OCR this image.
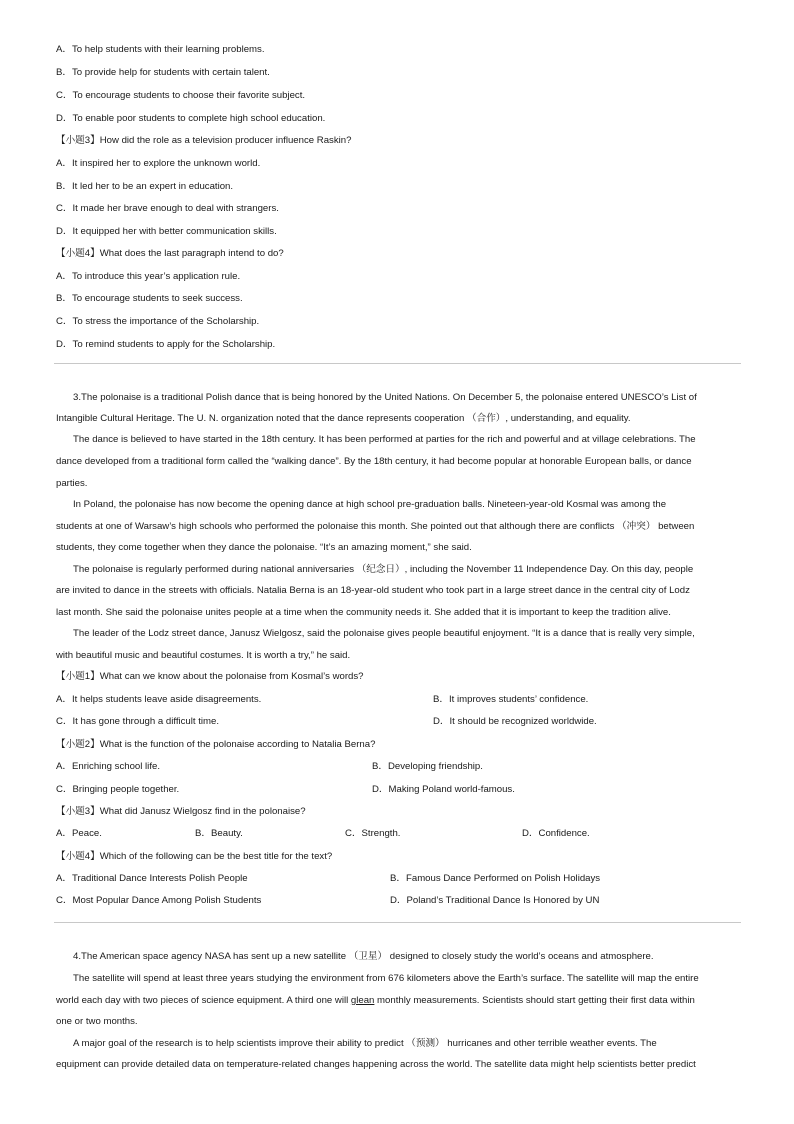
A．To help students with their learning problems.
B．To provide help for students with certain talent.
C．To encourage students to choose their favorite subject.
D．To enable poor students to complete high school education.
【小题3】How did the role as a television producer influence Raskin?
A．It inspired her to explore the unknown world.
B．It led her to be an expert in education.
C．It made her brave enough to deal with strangers.
D．It equipped her with better communication skills.
【小题4】What does the last paragraph intend to do?
A．To introduce this year’s application rule.
B．To encourage students to seek success.
C．To stress the importance of the Scholarship.
D．To remind students to apply for the Scholarship.
3.The polonaise is a traditional Polish dance that is being honored by the United Nations. On December 5, the polonaise entered UNESCO’s List of
Intangible Cultural Heritage. The U. N. organization noted that the dance represents cooperation （合作）, understanding, and equality.
The dance is believed to have started in the 18th century. It has been performed at parties for the rich and powerful and at village celebrations. The
dance developed from a traditional form called the “walking dance”. By the 18th century, it had become popular at honorable European balls, or dance
parties.
In Poland, the polonaise has now become the opening dance at high school pre-graduation balls. Nineteen-year-old Kosmal was among the
students at one of Warsaw’s high schools who performed the polonaise this month. She pointed out that although there are conflicts （冲突） between
students, they come together when they dance the polonaise. “It’s an amazing moment,” she said.
The polonaise is regularly performed during national anniversaries （纪念日）, including the November 11 Independence Day. On this day, people
are invited to dance in the streets with officials. Natalia Berna is an 18-year-old student who took part in a large street dance in the central city of Lodz
last month. She said the polonaise unites people at a time when the community needs it. She added that it is important to keep the tradition alive.
The leader of the Lodz street dance, Janusz Wielgosz, said the polonaise gives people beautiful enjoyment. “It is a dance that is really very simple,
with beautiful music and beautiful costumes. It is worth a try,” he said.
【小题1】What can we know about the polonaise from Kosmal’s words?
A．It helps students leave aside disagreements.	B．It improves students’ confidence.
C．It has gone through a difficult time.	D．It should be recognized worldwide.
【小题2】What is the function of the polonaise according to Natalia Berna?
A．Enriching school life.	B．Developing friendship.
C．Bringing people together.	D．Making Poland world-famous.
【小题3】What did Janusz Wielgosz find in the polonaise?
A．Peace.	B．Beauty.	C．Strength.	D．Confidence.
【小题4】Which of the following can be the best title for the text?
A．Traditional Dance Interests Polish People	B．Famous Dance Performed on Polish Holidays
C．Most Popular Dance Among Polish Students	D．Poland’s Traditional Dance Is Honored by UN
4.The American space agency NASA has sent up a new satellite （卫星） designed to closely study the world’s oceans and atmosphere.
The satellite will spend at least three years studying the environment from 676 kilometers above the Earth’s surface. The satellite will map the entire
world each day with two pieces of science equipment. A third one will glean monthly measurements. Scientists should start getting their first data within
one or two months.
A major goal of the research is to help scientists improve their ability to predict （预测） hurricanes and other terrible weather events. The
equipment can provide detailed data on temperature-related changes happening across the world. The satellite data might help scientists better predict
